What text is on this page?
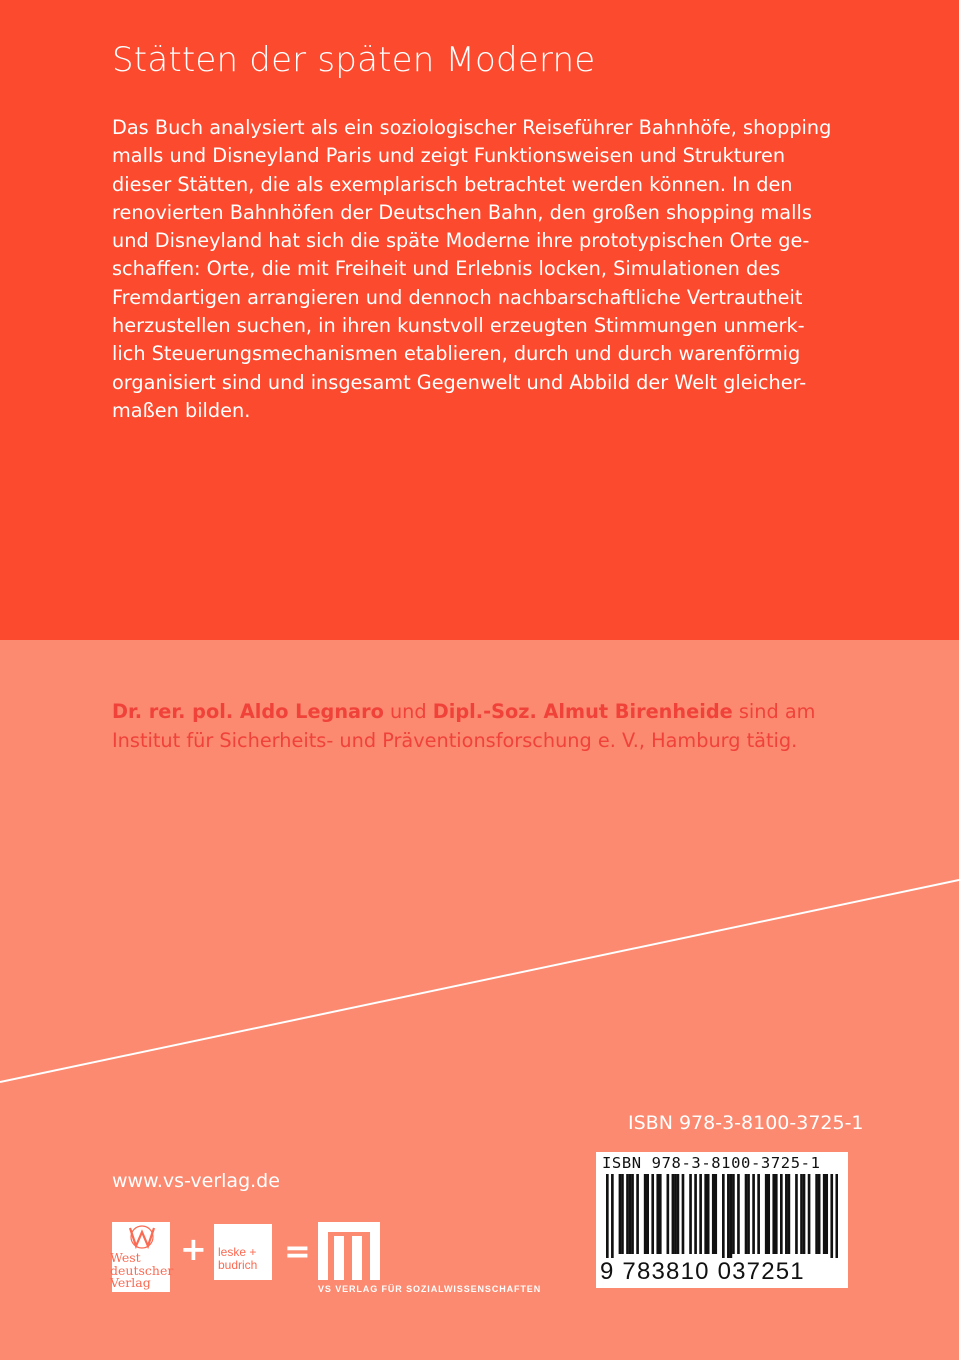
Stätten der späten Moderne
Das Buch analysiert als ein soziologischer Reiseführer Bahnhöfe, shopping
malls und Disneyland Paris und zeigt Funktionsweisen und Strukturen
dieser Stätten, die als exemplarisch betrachtet werden können. In den
renovierten Bahnhöfen der Deutschen Bahn, den großen shopping malls
und Disneyland hat sich die späte Moderne ihre prototypischen Orte ge-
schaffen: Orte, die mit Freiheit und Erlebnis locken, Simulationen des
Fremdartigen arrangieren und dennoch nachbarschaftliche Vertrautheit
herzustellen suchen, in ihren kunstvoll erzeugten Stimmungen unmerk-
lich Steuerungsmechanismen etablieren, durch und durch warenförmig
organisiert sind und insgesamt Gegenwelt und Abbild der Welt gleicher-
maßen bilden.
Dr. rer. pol. Aldo Legnaro und Dipl.-Soz. Almut Birenheide sind am
Institut für Sicherheits- und Präventionsforschung e. V., Hamburg tätig.
ISBN 978-3-8100-3725-1
ISBN 978-3-8100-3725-1
9 783810 037251
www.vs-verlag.de
West
deutscher
Verlag
+ leske +
budrich =
VS VERLAG FÜR SOZIALWISSENSCHAFTEN
